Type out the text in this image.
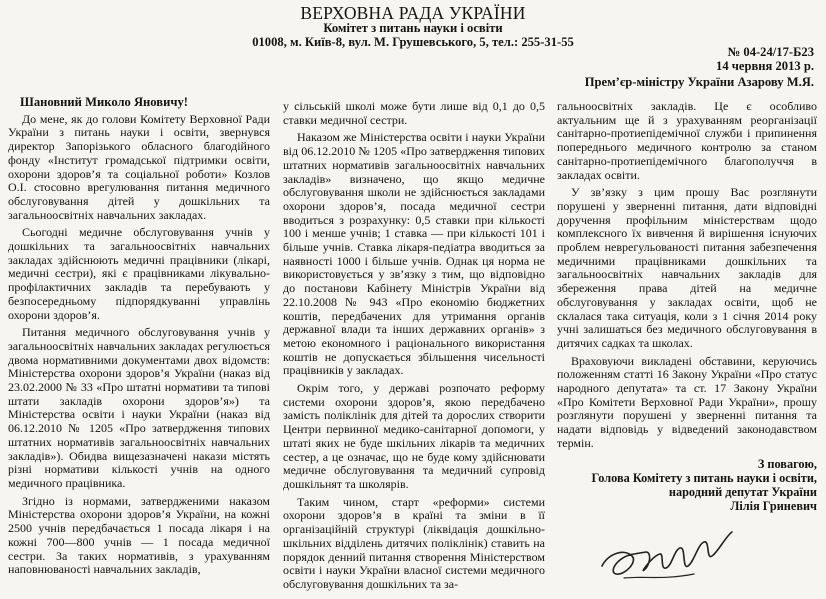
ВЕРХОВНА РАДА УКРАЇНИ
Комітет з питань науки і освіти
01008, м. Київ-8, вул. М. Грушевського, 5, тел.: 255-31-55
№ 04-24/17-Б23
14 червня 2013 р.
Прем’єр-міністру України Азарову М.Я.

Шановний Миколо Яновичу!

До мене, як до голови Комітету Верховної Ради України з питань науки і освіти, звернувся директор Запорізького обласного благодійного фонду «Інститут громадської підтримки освіти, охорони здоров’я та соціальної роботи» Козлов О.І. стосовно врегулювання питання медичного обслуговування дітей у дошкільних та загальноосвітніх навчальних закладах.

Сьогодні медичне обслуговування учнів у дошкільних та загальноосвітніх навчальних закладах здійснюють медичні працівники (лікарі, медичні сестри), які є працівниками лікувально-профілактичних закладів та перебувають у безпосередньому підпорядкуванні управлінь охорони здоров’я.

Питання медичного обслуговування учнів у загальноосвітніх навчальних закладах регулюється двома нормативними документами двох відомств: Міністерства охорони здоров’я України (наказ від 23.02.2000 № 33 «Про штатні нормативи та типові штати закладів охорони здоров’я») та Міністерства освіти і науки України (наказ від 06.12.2010 № 1205 «Про затвердження типових штатних нормативів загальноосвітніх навчальних закладів»). Обидва вищезазначені накази містять різні нормативи кількості учнів на одного медичного працівника.

Згідно із нормами, затвердженими наказом Міністерства охорони здоров’я України, на кожні 2500 учнів передбачається 1 посада лікаря і на кожні 700—800 учнів — 1 посада медичної сестри. За таких нормативів, з урахуванням наповнюваності навчальних закладів,

у сільській школі може бути лише від 0,1 до 0,5 ставки медичної сестри.

Наказом же Міністерства освіти і науки України від 06.12.2010 № 1205 «Про затвердження типових штатних нормативів загальноосвітніх навчальних закладів» визначено, що якщо медичне обслуговування школи не здійснюється закладами охорони здоров’я, посада медичної сестри вводиться з розрахунку: 0,5 ставки при кількості 100 і менше учнів; 1 ставка — при кількості 101 і більше учнів. Ставка лікаря-педіатра вводиться за наявності 1000 і більше учнів. Однак ця норма не використовується у зв’язку з тим, що відповідно до постанови Кабінету Міністрів України від 22.10.2008 № 943 «Про економію бюджетних коштів, передбачених для утримання органів державної влади та інших державних органів» з метою економного і раціонального використання коштів не допускається збільшення чисельності працівників у закладах.

Окрім того, у державі розпочато реформу системи охорони здоров’я, якою передбачено замість поліклінік для дітей та дорослих створити Центри первинної медико-санітарної допомоги, у штаті яких не буде шкільних лікарів та медичних сестер, а це означає, що не буде кому здійснювати медичне обслуговування та медичний супровід дошкільнят та школярів.

Таким чином, старт «реформи» системи охорони здоров’я в країні та зміни в її організаційній структурі (ліквідація дошкільно-шкільних відділень дитячих поліклінік) ставить на порядок денний питання створення Міністерством освіти і науки України власної системи медичного обслуговування дошкільних та за-

гальноосвітніх закладів. Це є особливо актуальним ще й з урахуванням реорганізації санітарно-протиепідемічної служби і припинення попереднього медичного контролю за станом санітарно-протиепідемічного благополуччя в закладах освіти.

У зв’язку з цим прошу Вас розглянути порушені у зверненні питання, дати відповідні доручення профільним міністерствам щодо комплексного їх вивчення й вирішення існуючих проблем неврегульованості питання забезпечення медичними працівниками дошкільних та загальноосвітніх навчальних закладів для збереження права дітей на медичне обслуговування у закладах освіти, щоб не склалася така ситуація, коли з 1 січня 2014 року учні залишаться без медичного обслуговування в дитячих садках та школах.

Враховуючи викладені обставини, керуючись положенням статті 16 Закону України «Про статус народного депутата» та ст. 17 Закону України «Про Комітети Верховної Ради України», прошу розглянути порушені у зверненні питання та надати відповідь у відведений законодавством термін.

З повагою,
Голова Комітету з питань науки і освіти,
народний депутат України
Лілія Гриневич
